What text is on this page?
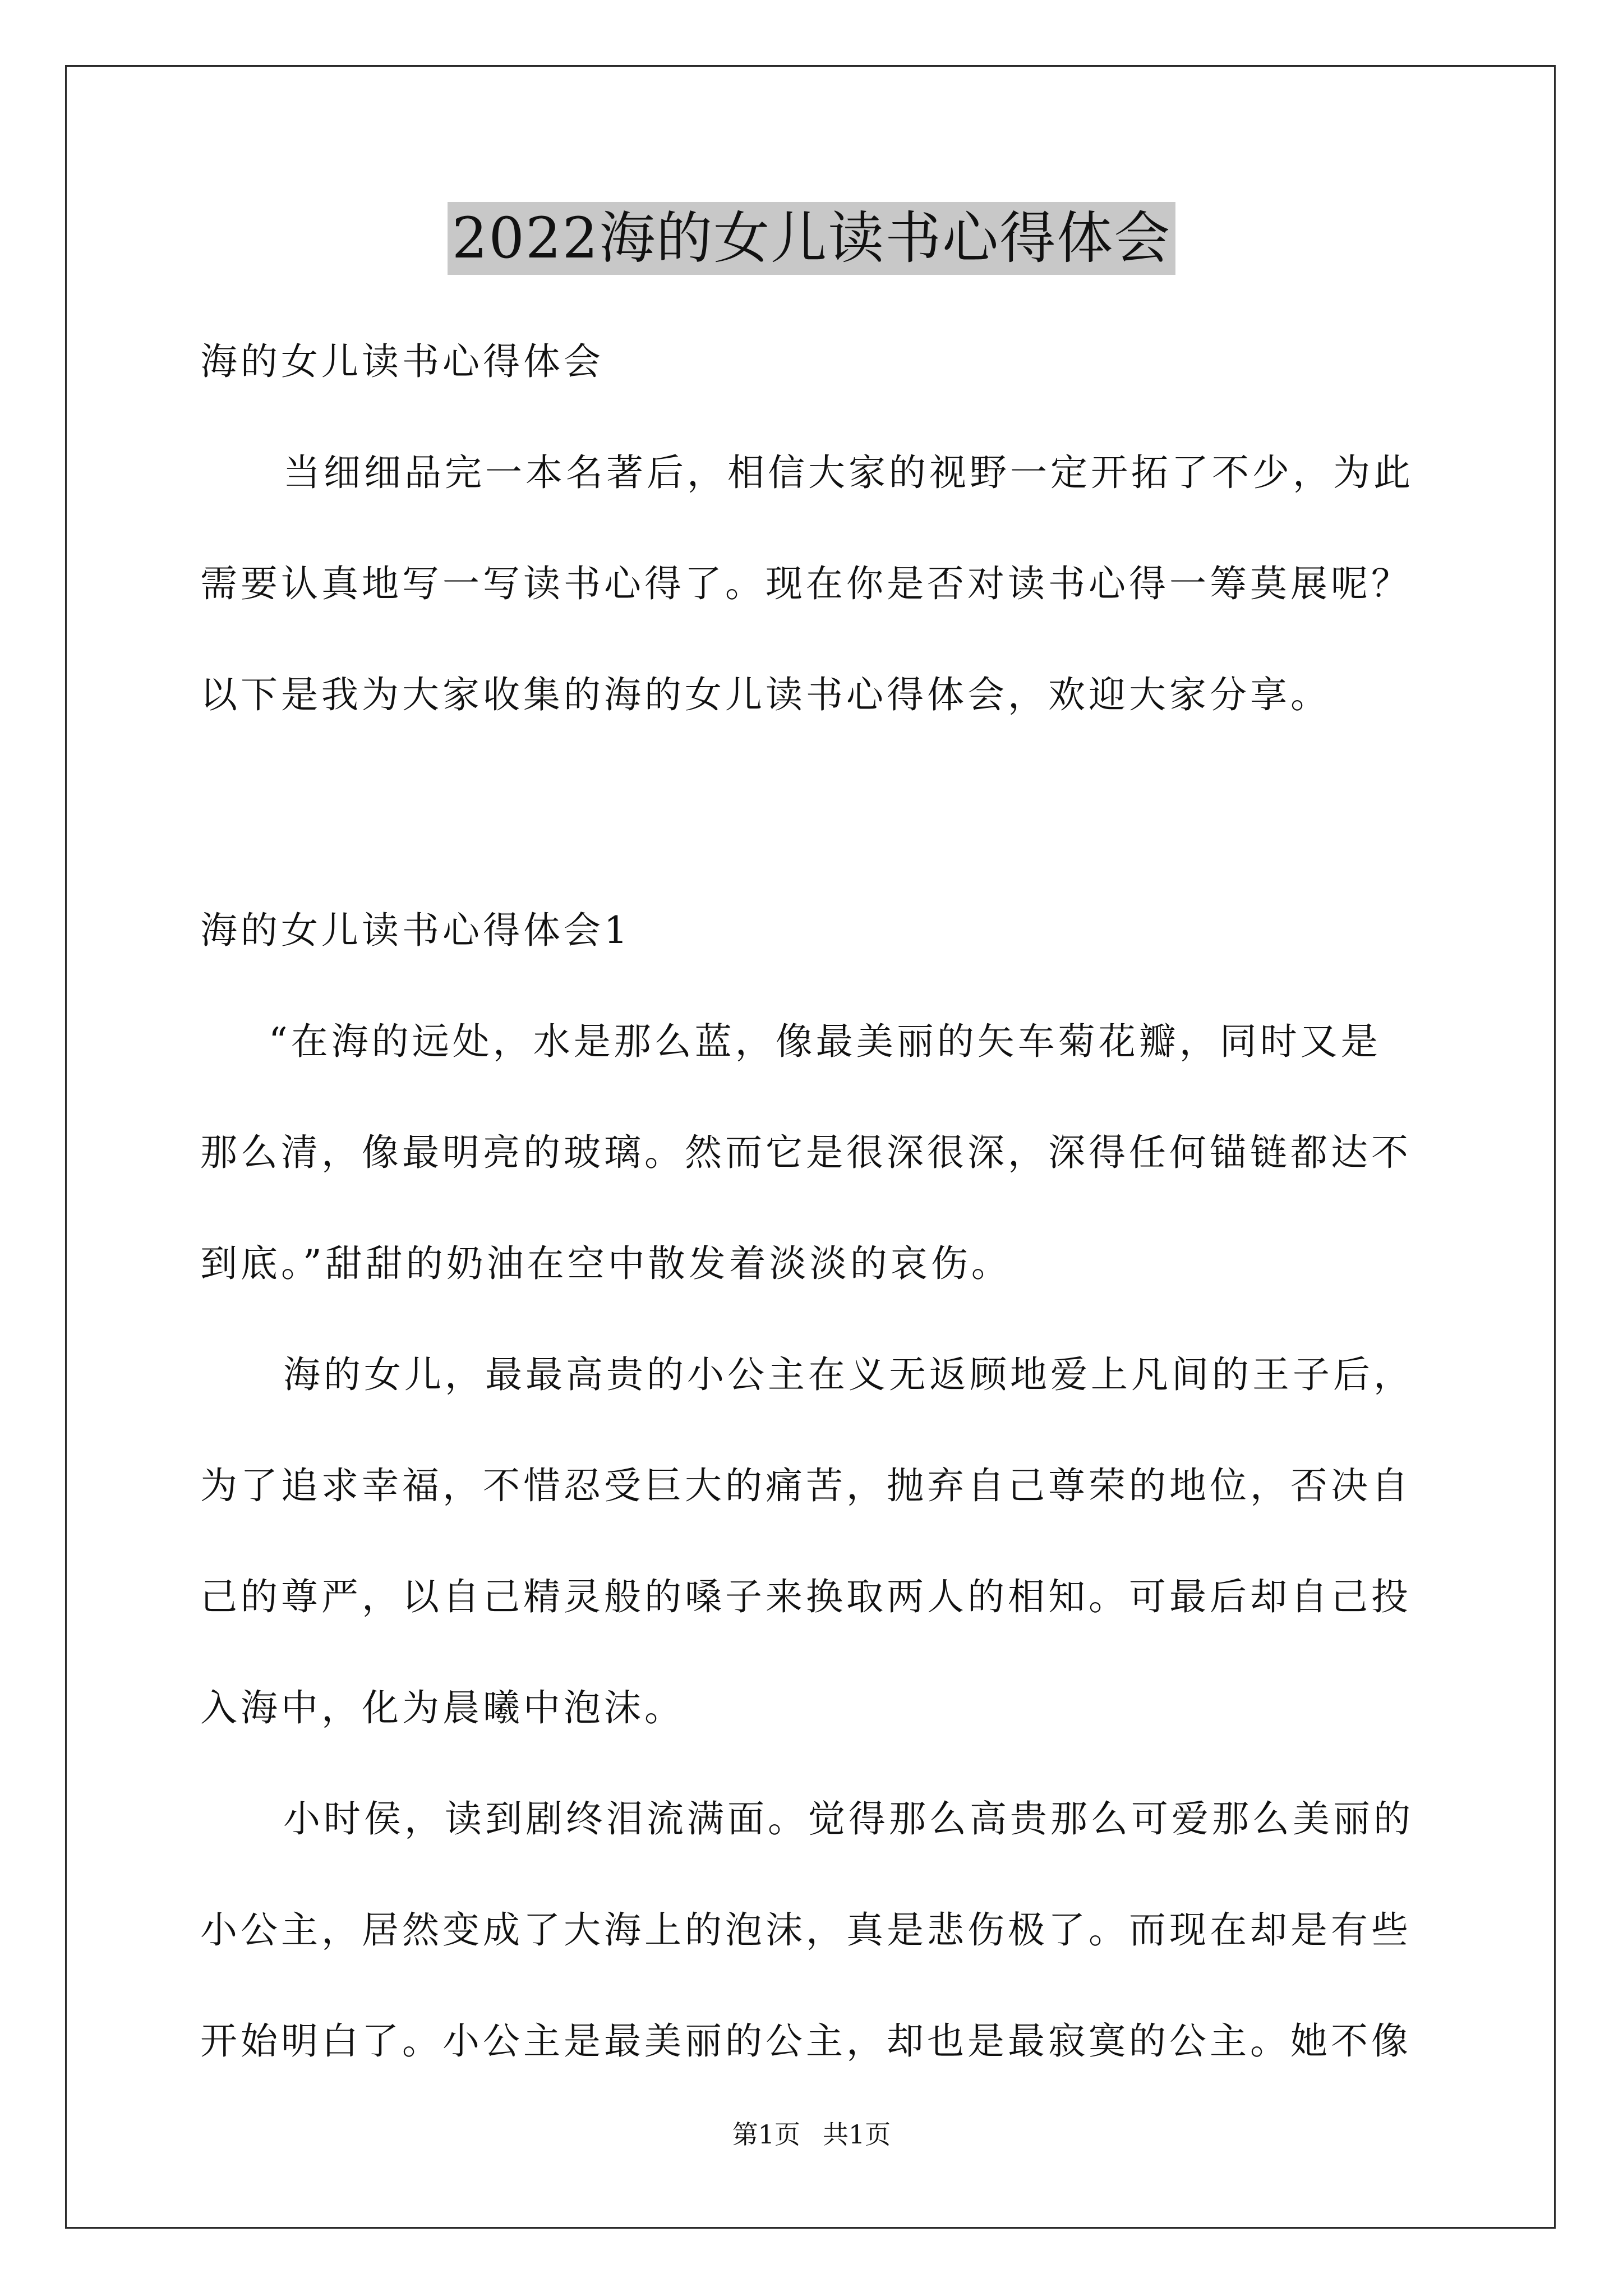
2022海的女儿读书心得体会
海的女儿读书心得体会
当细细品完一本名著后，相信大家的视野一定开拓了不少，为此
需要认真地写一写读书心得了。现在你是否对读书心得一筹莫展呢？
以下是我为大家收集的海的女儿读书心得体会，欢迎大家分享。
海的女儿读书心得体会1
“在海的远处，水是那么蓝，像最美丽的矢车菊花瓣，同时又是
那么清，像最明亮的玻璃。然而它是很深很深，深得任何锚链都达不
到底。”甜甜的奶油在空中散发着淡淡的哀伤。
海的女儿，最最高贵的小公主在义无返顾地爱上凡间的王子后，
为了追求幸福，不惜忍受巨大的痛苦，抛弃自己尊荣的地位，否决自
己的尊严，以自己精灵般的嗓子来换取两人的相知。可最后却自己投
入海中，化为晨曦中泡沫。
小时侯，读到剧终泪流满面。觉得那么高贵那么可爱那么美丽的
小公主，居然变成了大海上的泡沫，真是悲伤极了。而现在却是有些
开始明白了。小公主是最美丽的公主，却也是最寂寞的公主。她不像
第1页 共1页
